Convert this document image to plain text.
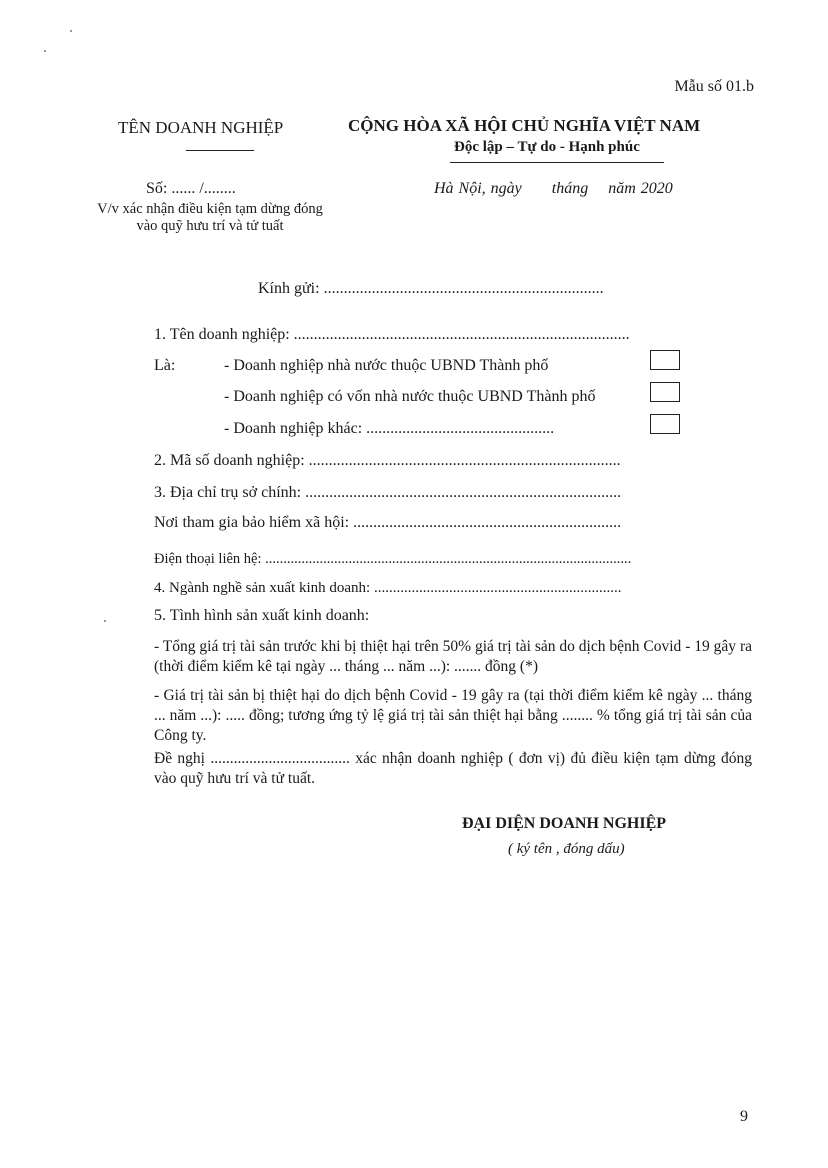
Mẫu số 01.b
TÊN DOANH NGHIỆP	CỘNG HÒA XÃ HỘI CHỦ NGHĨA VIỆT NAM
Độc lập – Tự do - Hạnh phúc
Số: ...... /........	Hà Nội, ngày      tháng    năm 2020
V/v xác nhận điều kiện tạm dừng đóng vào quỹ hưu trí và tử tuất
Kính gửi: ......................................................................
1. Tên doanh nghiệp: ....................................................................................
Là:	- Doanh nghiệp nhà nước thuộc UBND Thành phố
- Doanh nghiệp có vốn nhà nước thuộc UBND Thành phố
- Doanh nghiệp khác: ...............................................
2. Mã số doanh nghiệp: ..............................................................................
3. Địa chỉ trụ sở chính: ...............................................................................
Nơi tham gia bảo hiểm xã hội: ...................................................................
Điện thoại liên hệ: .....................................................................................................
4. Ngành nghề sản xuất kinh doanh: ..................................................................
5. Tình hình sản xuất kinh doanh:
- Tổng giá trị tài sản trước khi bị thiệt hại trên 50% giá trị tài sản do dịch bệnh Covid - 19 gây ra (thời điểm kiểm kê tại ngày ... tháng ... năm ...): ....... đồng (*)
- Giá trị tài sản bị thiệt hại do dịch bệnh Covid - 19 gây ra (tại thời điểm kiểm kê ngày ... tháng ... năm ...): ..... đồng; tương ứng tỷ lệ giá trị tài sản thiệt hại bằng ........ % tổng giá trị tài sản của Công ty.
Đề nghị .................................... xác nhận doanh nghiệp ( đơn vị) đủ điều kiện tạm dừng đóng vào quỹ hưu trí và tử tuất.
ĐẠI DIỆN DOANH NGHIỆP
( ký tên , đóng dấu)
9
